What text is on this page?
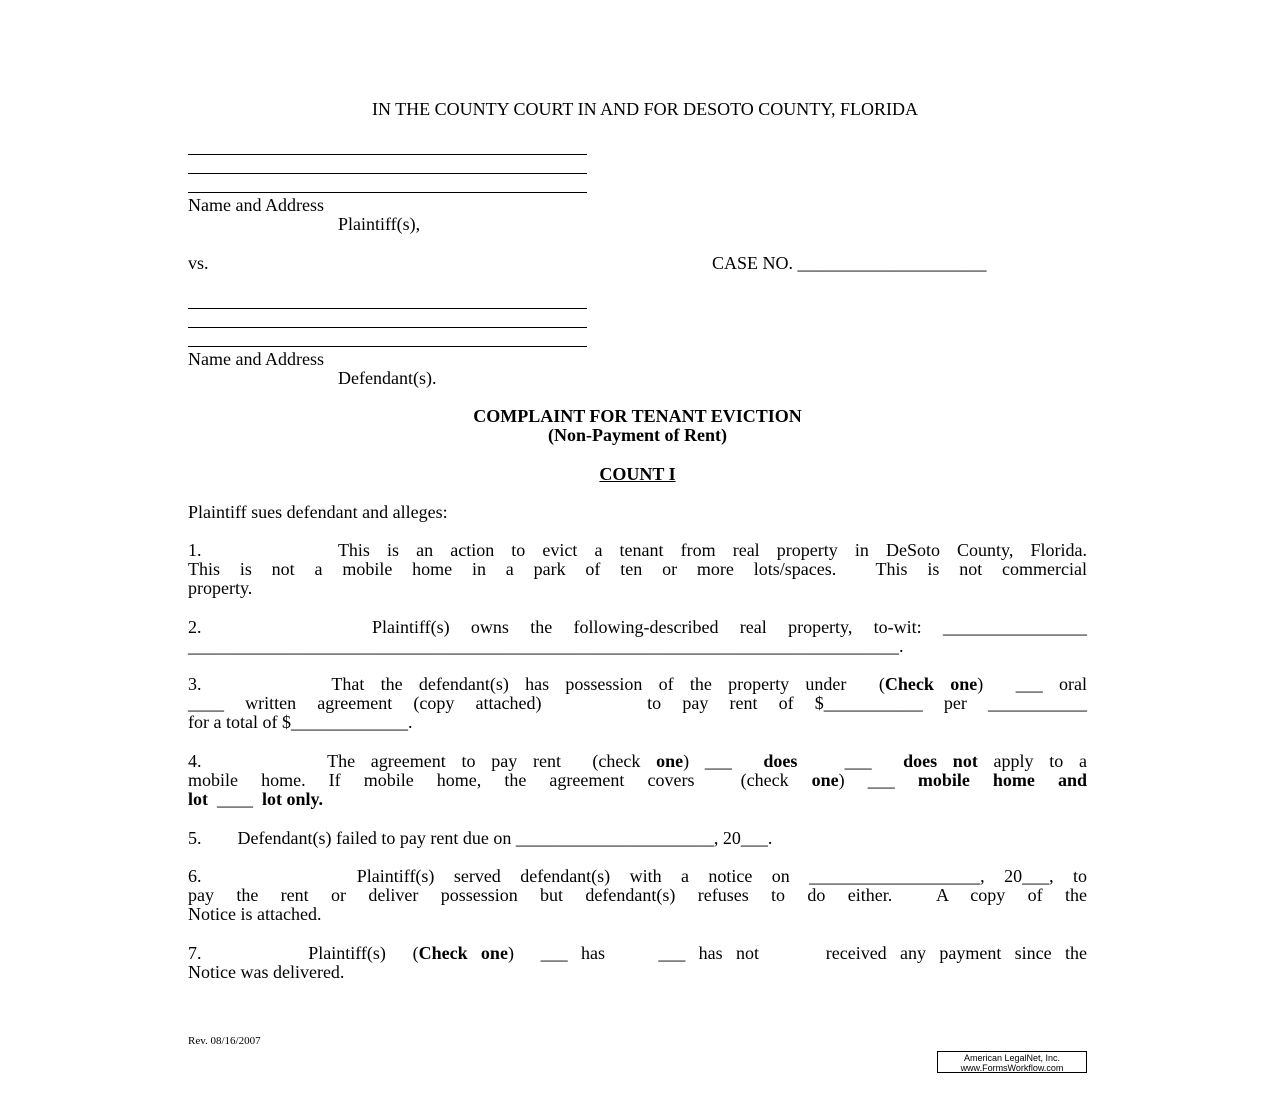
IN THE COUNTY COURT IN AND FOR DESOTO COUNTY, FLORIDA
Name and Address
Plaintiff(s),
vs.	CASE NO. _____________________
Name and Address
Defendant(s).
COMPLAINT FOR TENANT EVICTION
(Non-Payment of Rent)
COUNT I
Plaintiff sues defendant and alleges:
1.	This is an action to evict a tenant from real property in DeSoto County, Florida.
This is not a mobile home in a park of ten or more lots/spaces.  This is not commercial
property.
2.	Plaintiff(s) owns the following-described real property, to-wit: ________________
_______________________________________________________________________________.
3.	That the defendant(s) has possession of the property under  (Check one)  ___ oral
____ written agreement (copy attached)     to pay rent of $___________ per ___________
for a total of $_____________.
4.	The agreement to pay rent  (check one) ___  does   ___  does not apply to a
mobile home. If mobile home, the agreement covers  (check one) ___ mobile home and
lot  ____  lot only.
5. Defendant(s) failed to pay rent due on ______________________, 20___.
6.	Plaintiff(s) served defendant(s) with a notice on ___________________, 20___, to
pay the rent or deliver possession but defendant(s) refuses to do either.  A copy of the
Notice is attached.
7.	Plaintiff(s)  (Check one)  ___ has    ___ has not     received any payment since the
Notice was delivered.
Rev. 08/16/2007
American LegalNet, Inc.
www.FormsWorkflow.com
